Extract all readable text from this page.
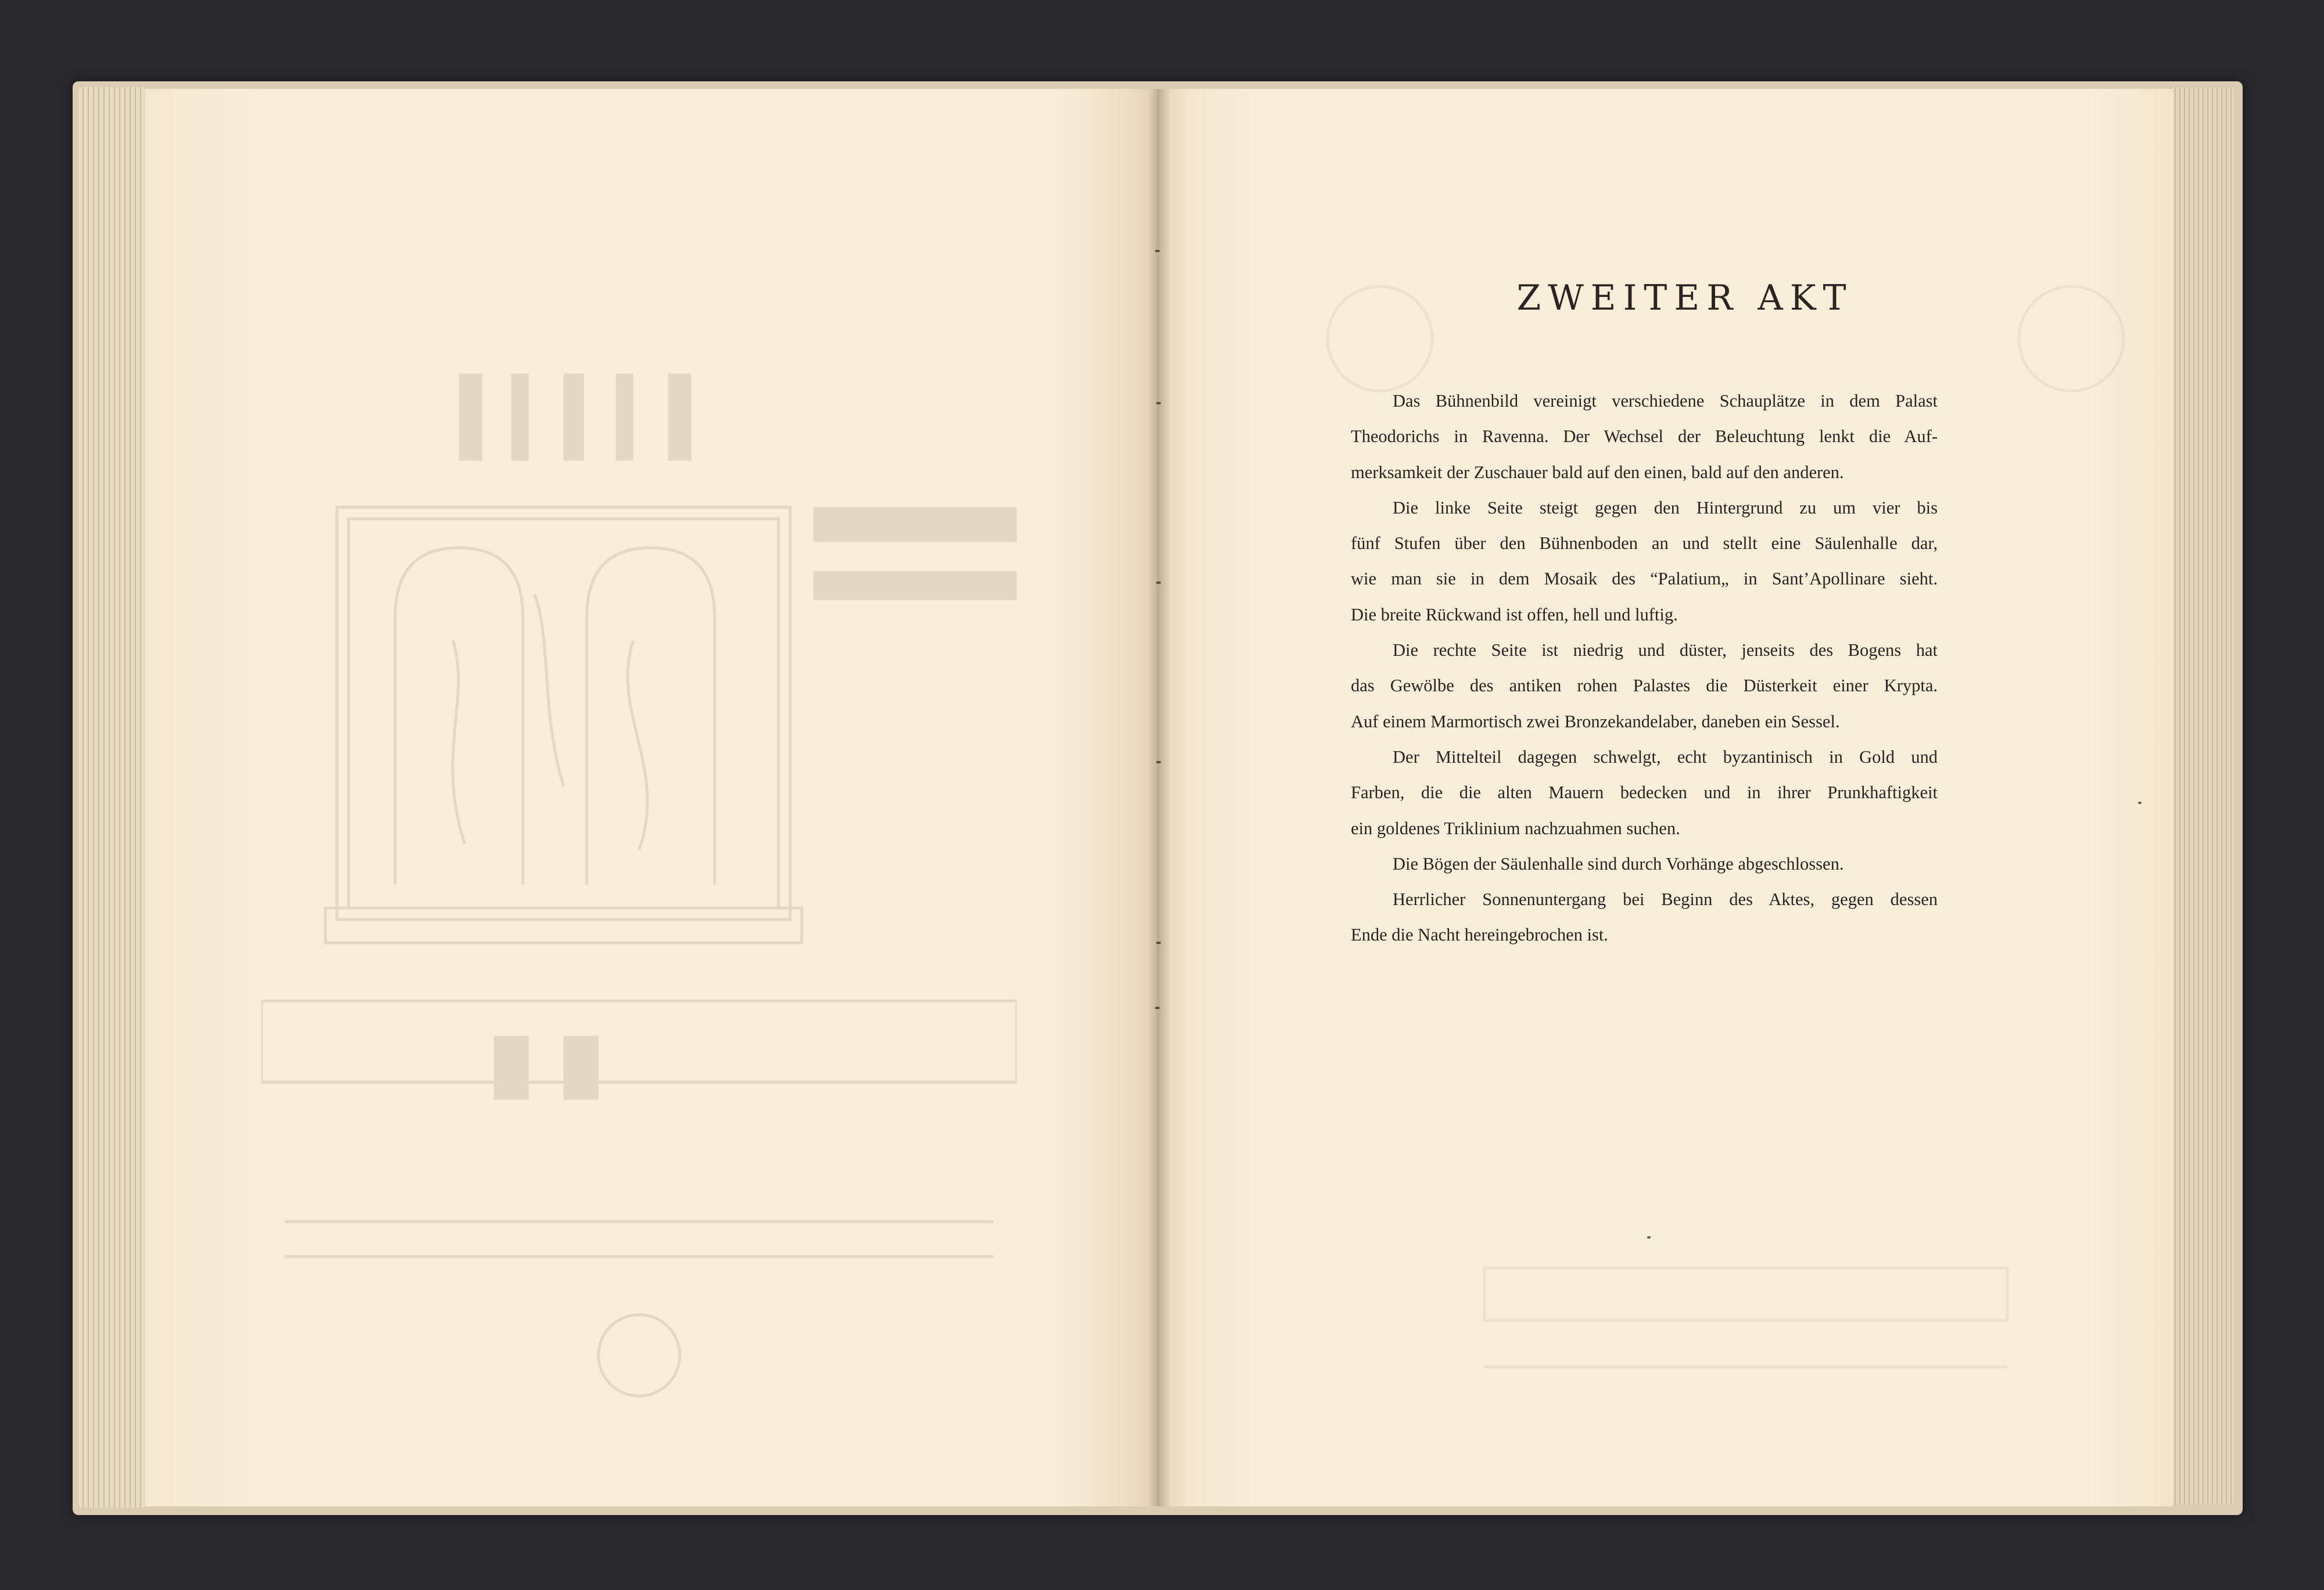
ZWEITER AKT
Das Bühnenbild vereinigt verschiedene Schauplätze in dem Palast
Theodorichs in Ravenna. Der Wechsel der Beleuchtung lenkt die Auf-
merksamkeit der Zuschauer bald auf den einen, bald auf den anderen.
Die linke Seite steigt gegen den Hintergrund zu um vier bis
fünf Stufen über den Bühnenboden an und stellt eine Säulenhalle dar,
wie man sie in dem Mosaik des “Palatium„ in Sant’Apollinare sieht.
Die breite Rückwand ist offen, hell und luftig.
Die rechte Seite ist niedrig und düster, jenseits des Bogens hat
das Gewölbe des antiken rohen Palastes die Düsterkeit einer Krypta.
Auf einem Marmortisch zwei Bronzekandelaber, daneben ein Sessel.
Der Mittelteil dagegen schwelgt, echt byzantinisch in Gold und
Farben, die die alten Mauern bedecken und in ihrer Prunkhaftigkeit
ein goldenes Triklinium nachzuahmen suchen.
Die Bögen der Säulenhalle sind durch Vorhänge abgeschlossen.
Herrlicher Sonnenuntergang bei Beginn des Aktes, gegen dessen
Ende die Nacht hereingebrochen ist.
